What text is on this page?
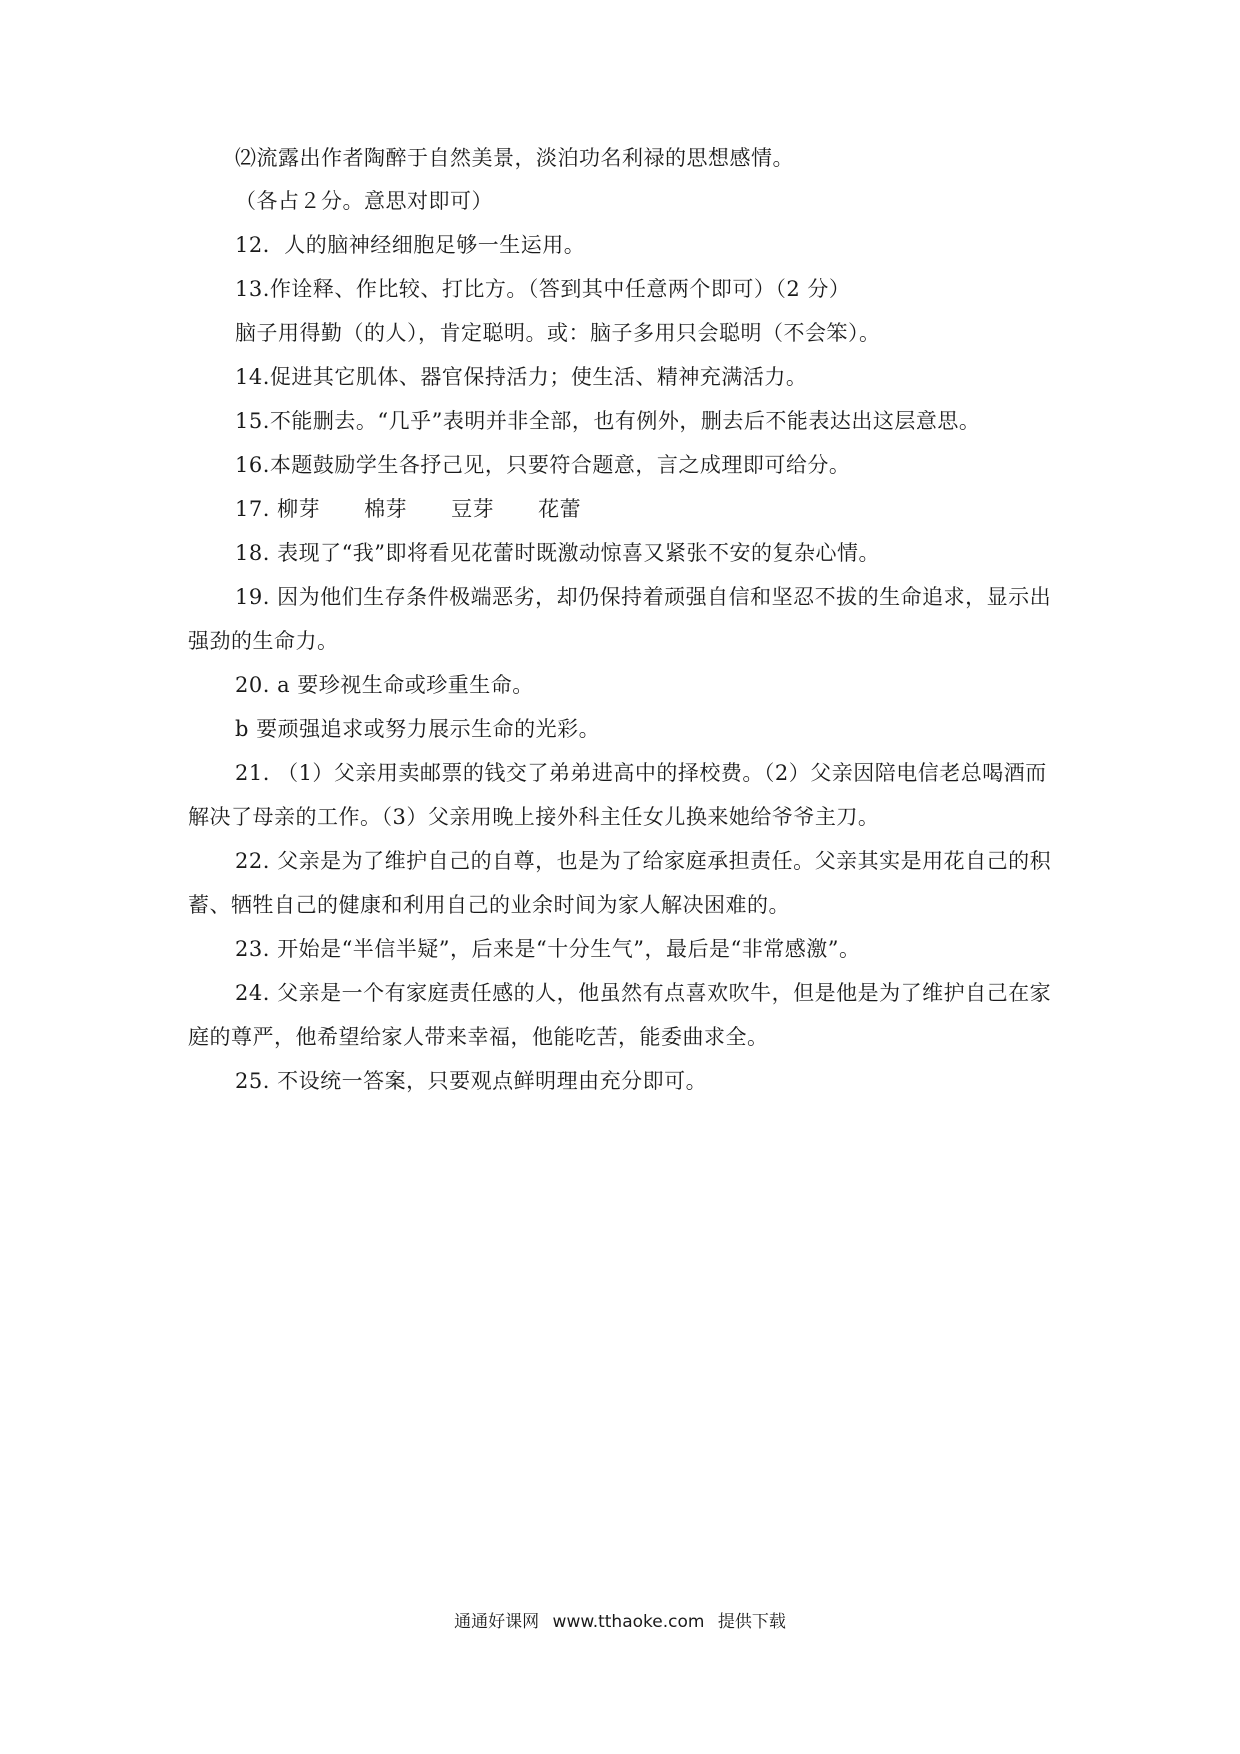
⑵流露出作者陶醉于自然美景，淡泊功名利禄的思想感情。
（各占２分。意思对即可）
12．人的脑神经细胞足够一生运用。
13.作诠释、作比较、打比方。（答到其中任意两个即可）（2 分）
脑子用得勤（的人），肯定聪明。或：脑子多用只会聪明（不会笨）。
14.促进其它肌体、器官保持活力；使生活、精神充满活力。
15.不能删去。“几乎”表明并非全部，也有例外，删去后不能表达出这层意思。
16.本题鼓励学生各抒己见，只要符合题意，言之成理即可给分。
17. 柳芽 棉芽 豆芽 花蕾
18. 表现了“我”即将看见花蕾时既激动惊喜又紧张不安的复杂心情。
19. 因为他们生存条件极端恶劣，却仍保持着顽强自信和坚忍不拔的生命追求，显示出
强劲的生命力。
20. a 要珍视生命或珍重生命。
b 要顽强追求或努力展示生命的光彩。
21. （1）父亲用卖邮票的钱交了弟弟进高中的择校费。（2）父亲因陪电信老总喝酒而
解决了母亲的工作。（3）父亲用晚上接外科主任女儿换来她给爷爷主刀。
22. 父亲是为了维护自己的自尊，也是为了给家庭承担责任。父亲其实是用花自己的积
蓄、牺牲自己的健康和利用自己的业余时间为家人解决困难的。
23. 开始是“半信半疑”，后来是“十分生气”，最后是“非常感激”。
24. 父亲是一个有家庭责任感的人，他虽然有点喜欢吹牛，但是他是为了维护自己在家
庭的尊严，他希望给家人带来幸福，他能吃苦，能委曲求全。
25. 不设统一答案，只要观点鲜明理由充分即可。
通通好课网 www.tthaoke.com 提供下载
